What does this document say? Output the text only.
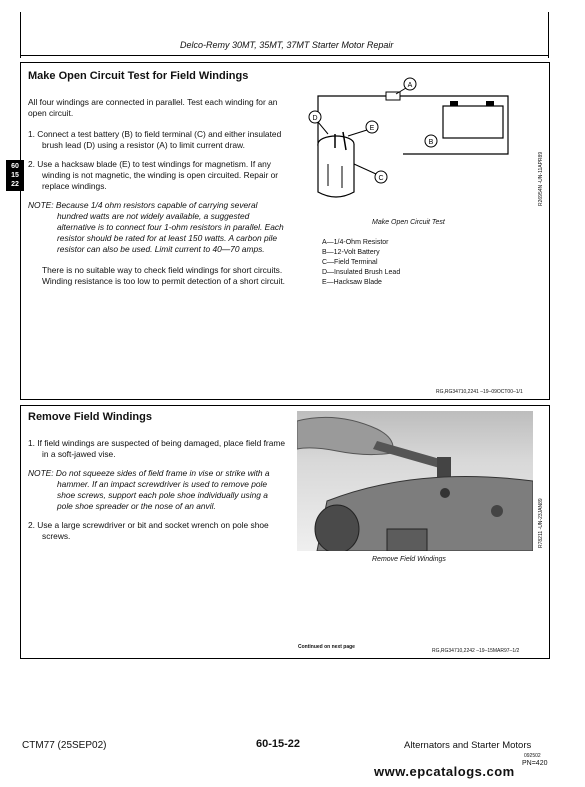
Delco-Remy 30MT, 35MT, 37MT Starter Motor Repair
60
15
22
Make Open Circuit Test for Field Windings

All four windings are connected in parallel. Test each winding for an open circuit.

1. Connect a test battery (B) to field terminal (C) and either insulated brush lead (D) using a resistor (A) to limit current draw.

2. Use a hacksaw blade (E) to test windings for magnetism. If any winding is not magnetic, the winding is open circuited. Repair or replace windings.

NOTE: Because 1/4 ohm resistors capable of carrying several hundred watts are not widely available, a suggested alternative is to connect four 1-ohm resistors in parallel. Each resistor should be rated for at least 150 watts. A carbon pile resistor can also be used. Limit current to 40—70 amps.

There is no suitable way to check field windings for short circuits. Winding resistance is too low to permit detection of a short circuit.

A
B
C
D
E
R26954N -UN-11APR89
Make Open Circuit Test
A—1/4-Ohm Resistor
B—12-Volt Battery
C—Field Terminal
D—Insulated Brush Lead
E—Hacksaw Blade
RG,RG34710,2241 –19–09OCT00–1/1
Remove Field Windings

1. If field windings are suspected of being damaged, place field frame in a soft-jawed vise.

NOTE: Do not squeeze sides of field frame in vise or strike with a hammer. If an impact screwdriver is used to remove pole shoe screws, support each pole shoe individually using a pole shoe spreader or the nose of an anvil.

2. Use a large screwdriver or bit and socket wrench on pole shoe screws.	R78211 -UN-23JAN89
Remove Field Windings
Continued on next page
RG,RG34710,2242 –19–15MAR97–1/2
CTM77 (25SEP02)	60-15-22	Alternators and Starter Motors
092502
PN=420
www.epcatalogs.com
